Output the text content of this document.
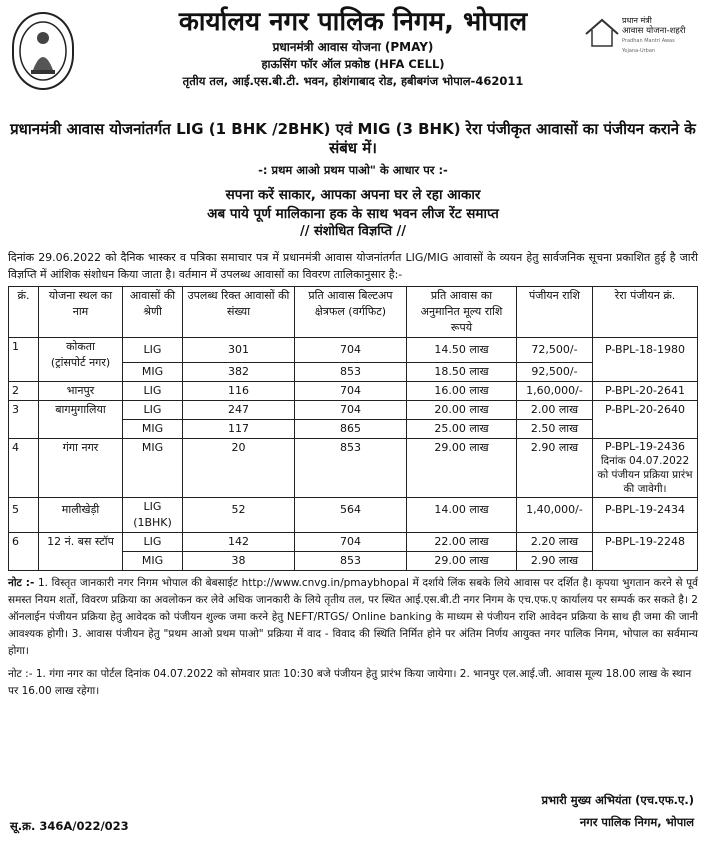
प्रधान मंत्री
आवास योजना-शहरी
Pradhan Mantri Awas Yojana-Urban
कार्यालय नगर पालिक निगम, भोपाल
प्रधानमंत्री आवास योजना (PMAY)
हाऊसिंग फॉर ऑल प्रकोष्ठ (HFA CELL)
तृतीय तल, आई.एस.बी.टी. भवन, होशंगाबाद रोड, हबीबगंज भोपाल-462011
प्रधानमंत्री आवास योजनांतर्गत LIG (1 BHK /2BHK) एवं MIG (3 BHK) रेरा पंजीकृत आवासों का पंजीयन कराने के संबंध में।
-: प्रथम आओ प्रथम पाओ" के आधार पर :-
सपना करें साकार, आपका अपना घर ले रहा आकार
अब पाये पूर्ण मालिकाना हक के साथ भवन लीज रेंट समाप्त
// संशोधित विज्ञप्ति //
दिनांक 29.06.2022 को दैनिक भास्कर व पत्रिका समाचार पत्र में प्रधानमंत्री आवास योजनांतर्गत LIG/MIG आवासों के व्ययन हेतु सार्वजनिक सूचना प्रकाशित हुई है जारी विज्ञप्ति में आंशिक संशोधन किया जाता है। वर्तमान में उपलब्ध आवासों का विवरण तालिकानुसार है:-
क्रं.	योजना स्थल का नाम	आवासों की श्रेणी	उपलब्ध रिक्त आवासों की संख्या	प्रति आवास बिल्टअप क्षेत्रफल (वर्गफिट)	प्रति आवास का अनुमानित मूल्य राशि रूपये	पंजीयन राशि	रेरा पंजीयन क्रं.
1	कोकता
(ट्रांसपोर्ट नगर)	LIG	301	704	14.50 लाख	72,500/-	P-BPL-18-1980
		MIG	382	853	18.50 लाख	92,500/-	
2	भानपुर	LIG	116	704	16.00 लाख	1,60,000/-	P-BPL-20-2641
3	बागमुगालिया	LIG	247	704	20.00 लाख	2.00 लाख	P-BPL-20-2640
		MIG	117	865	25.00 लाख	2.50 लाख	
4	गंगा नगर	MIG	20	853	29.00 लाख	2.90 लाख	P-BPL-19-2436
दिनांक 04.07.2022 को पंजीयन प्रक्रिया प्रारंभ की जावेगी।

5	मालीखेड़ी	LIG
(1BHK)	52	564	14.00 लाख	1,40,000/-	P-BPL-19-2434
6	12 नं. बस स्टॉप	LIG	142	704	22.00 लाख	2.20 लाख	P-BPL-19-2248
		MIG	38	853	29.00 लाख	2.90 लाख	
नोट :- 1. विस्तृत जानकारी नगर निगम भोपाल की बेबसाईट http://www.cnvg.in/pmaybhopal में दर्शाये लिंक सबके लिये आवास पर दर्शित है। कृपया भुगतान करने से पूर्व समस्त नियम शर्तो, विवरण प्रक्रिया का अवलोकन कर लेवे अधिक जानकारी के लिये तृतीय तल, पर स्थित आई.एस.बी.टी नगर निगम के एच.एफ.ए कार्यालय पर सम्पर्क कर सकते है। 2 ऑनलाईन पंजीयन प्रक्रिया हेतु आवेदक को पंजीयन शुल्क जमा करने हेतु NEFT/RTGS/ Online banking के माध्यम से पंजीयन राशि आवेदन प्रक्रिया के साथ ही जमा की जानी आवश्यक होगी। 3. आवास पंजीयन हेतु "प्रथम आओ प्रथम पाओ" प्रक्रिया में वाद - विवाद की स्थिति निर्मित होने पर अंतिम निर्णय आयुक्त नगर पालिक निगम, भोपाल का सर्वमान्य होगा।
नोट :- 1. गंगा नगर का पोर्टल दिनांक 04.07.2022 को सोमवार प्रातः 10:30 बजे पंजीयन हेतु प्रारंभ किया जायेगा। 2. भानपुर एल.आई.जी. आवास मूल्य 18.00 लाख के स्थान पर 16.00 लाख रहेगा।
प्रभारी मुख्य अभियंता (एच.एफ.ए.)
नगर पालिक निगम, भोपाल
सू.क्र. 346A/022/023
